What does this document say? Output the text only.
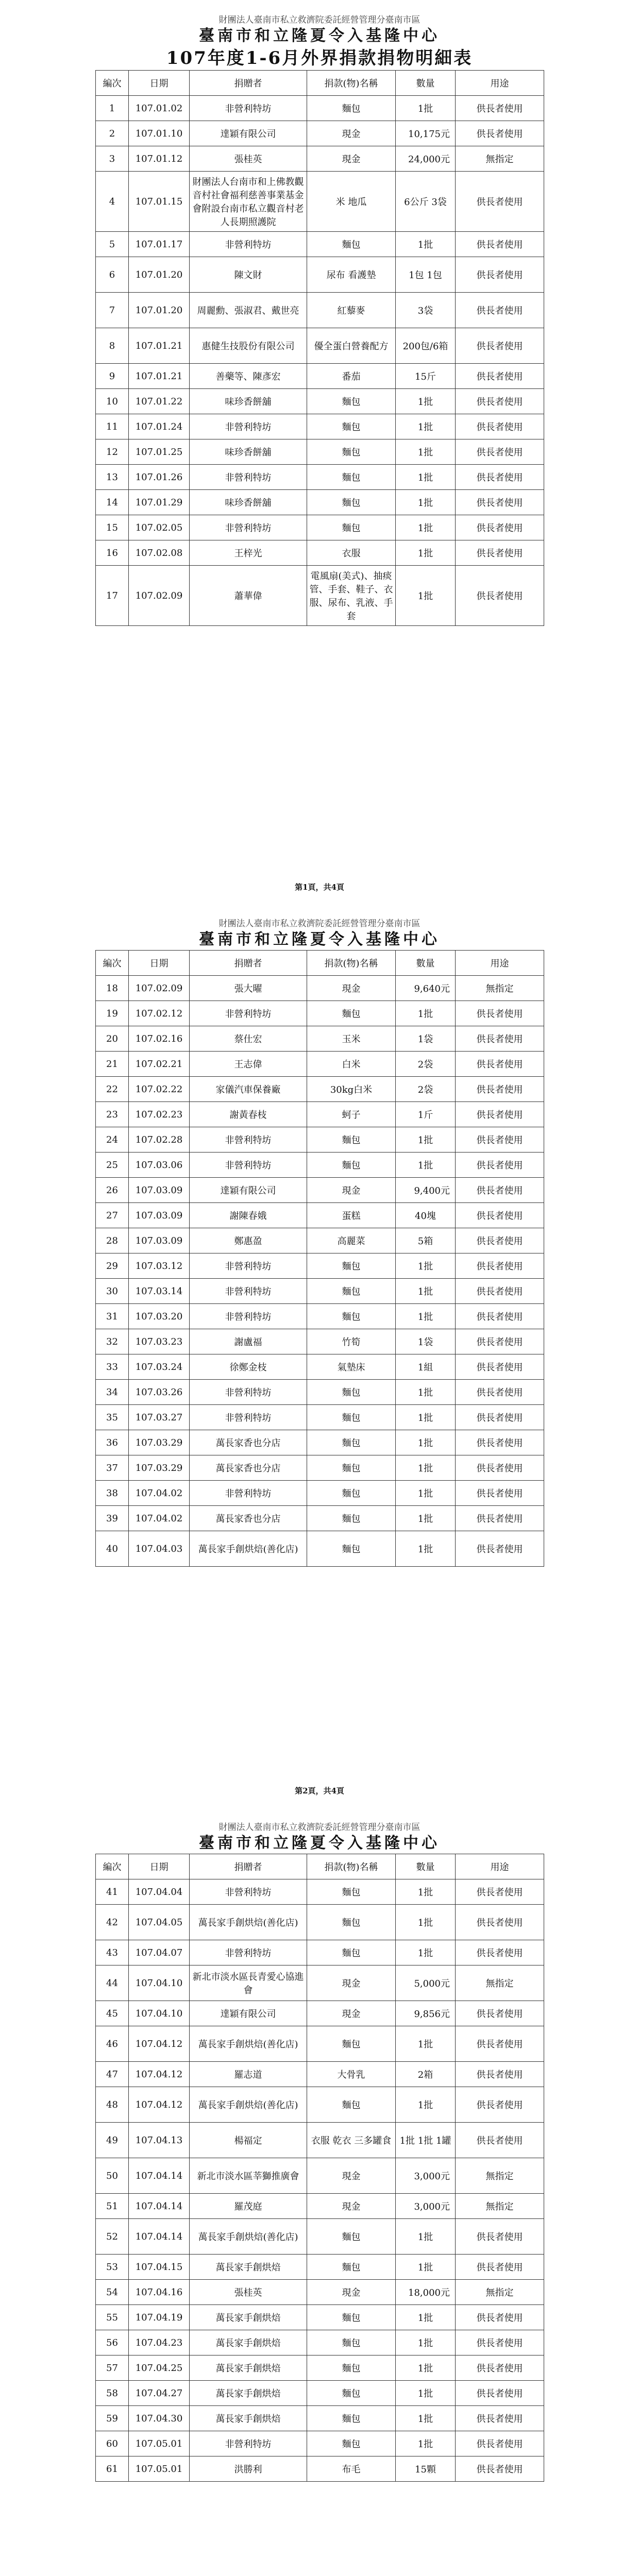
財團法人臺南市私立救濟院委託經營管理分臺南市區
臺南市和立隆夏令入基隆中心
107年度1-6月外界捐款捐物明細表
編次	日期	捐贈者	捐款(物)名稱	數量	用途
1	107.01.02	非營利特坊	麵包	1批	供長者使用
2	107.01.10	達穎有限公司	現金	10,175元	供長者使用
3	107.01.12	張桂英	現金	24,000元	無指定
4	107.01.15	財團法人台南市和上佛教觀音村社會福利慈善事業基金會附設台南市私立觀音村老人長期照護院	米 地瓜	6公斤 3袋	供長者使用
5	107.01.17	非營利特坊	麵包	1批	供長者使用
6	107.01.20	陳文財	尿布 看護墊	1包 1包	供長者使用
7	107.01.20	周麗勳、張淑君、戴世亮	紅藜麥	3袋	供長者使用
8	107.01.21	惠健生技股份有限公司	優全蛋白營養配方	200包/6箱	供長者使用
9	107.01.21	善藥等、陳彥宏	番茄	15斤	供長者使用
10	107.01.22	味珍香餅舖	麵包	1批	供長者使用
11	107.01.24	非營利特坊	麵包	1批	供長者使用
12	107.01.25	味珍香餅舖	麵包	1批	供長者使用
13	107.01.26	非營利特坊	麵包	1批	供長者使用
14	107.01.29	味珍香餅舖	麵包	1批	供長者使用
15	107.02.05	非營利特坊	麵包	1批	供長者使用
16	107.02.08	王梓光	衣服	1批	供長者使用
17	107.02.09	蕭華偉	電風扇(美式)、抽痰管、手套、鞋子、衣服、尿布、乳液、手套	1批	供長者使用
第1頁，共4頁
財團法人臺南市私立救濟院委託經營管理分臺南市區
臺南市和立隆夏令入基隆中心
編次	日期	捐贈者	捐款(物)名稱	數量	用途
18	107.02.09	張大曜	現金	9,640元	無指定
19	107.02.12	非營利特坊	麵包	1批	供長者使用
20	107.02.16	蔡仕宏	玉米	1袋	供長者使用
21	107.02.21	王志偉	白米	2袋	供長者使用
22	107.02.22	家儀汽車保養廠	30kg白米	2袋	供長者使用
23	107.02.23	謝黃春枝	蚵子	1斤	供長者使用
24	107.02.28	非營利特坊	麵包	1批	供長者使用
25	107.03.06	非營利特坊	麵包	1批	供長者使用
26	107.03.09	達穎有限公司	現金	9,400元	供長者使用
27	107.03.09	謝陳春娥	蛋糕	40塊	供長者使用
28	107.03.09	鄭惠盈	高麗菜	5箱	供長者使用
29	107.03.12	非營利特坊	麵包	1批	供長者使用
30	107.03.14	非營利特坊	麵包	1批	供長者使用
31	107.03.20	非營利特坊	麵包	1批	供長者使用
32	107.03.23	謝盧福	竹筍	1袋	供長者使用
33	107.03.24	徐鄭金枝	氣墊床	1組	供長者使用
34	107.03.26	非營利特坊	麵包	1批	供長者使用
35	107.03.27	非營利特坊	麵包	1批	供長者使用
36	107.03.29	萬長家香也分店	麵包	1批	供長者使用
37	107.03.29	萬長家香也分店	麵包	1批	供長者使用
38	107.04.02	非營利特坊	麵包	1批	供長者使用
39	107.04.02	萬長家香也分店	麵包	1批	供長者使用
40	107.04.03	萬長家手創烘焙(善化店)	麵包	1批	供長者使用
第2頁，共4頁
財團法人臺南市私立救濟院委託經營管理分臺南市區
臺南市和立隆夏令入基隆中心
編次	日期	捐贈者	捐款(物)名稱	數量	用途
41	107.04.04	非營利特坊	麵包	1批	供長者使用
42	107.04.05	萬長家手創烘焙(善化店)	麵包	1批	供長者使用
43	107.04.07	非營利特坊	麵包	1批	供長者使用
44	107.04.10	新北市淡水區長青愛心協進會	現金	5,000元	無指定
45	107.04.10	達穎有限公司	現金	9,856元	供長者使用
46	107.04.12	萬長家手創烘焙(善化店)	麵包	1批	供長者使用
47	107.04.12	羅志道	大骨乳	2箱	供長者使用
48	107.04.12	萬長家手創烘焙(善化店)	麵包	1批	供長者使用
49	107.04.13	楊福定	衣服 乾衣 三多罐食	1批 1批 1罐	供長者使用
50	107.04.14	新北市淡水區莘獅推廣會	現金	3,000元	無指定
51	107.04.14	羅茂庭	現金	3,000元	無指定
52	107.04.14	萬長家手創烘焙(善化店)	麵包	1批	供長者使用
53	107.04.15	萬長家手創烘焙	麵包	1批	供長者使用
54	107.04.16	張桂英	現金	18,000元	無指定
55	107.04.19	萬長家手創烘焙	麵包	1批	供長者使用
56	107.04.23	萬長家手創烘焙	麵包	1批	供長者使用
57	107.04.25	萬長家手創烘焙	麵包	1批	供長者使用
58	107.04.27	萬長家手創烘焙	麵包	1批	供長者使用
59	107.04.30	萬長家手創烘焙	麵包	1批	供長者使用
60	107.05.01	非營利特坊	麵包	1批	供長者使用
61	107.05.01	洪勝利	布毛	15顆	供長者使用
